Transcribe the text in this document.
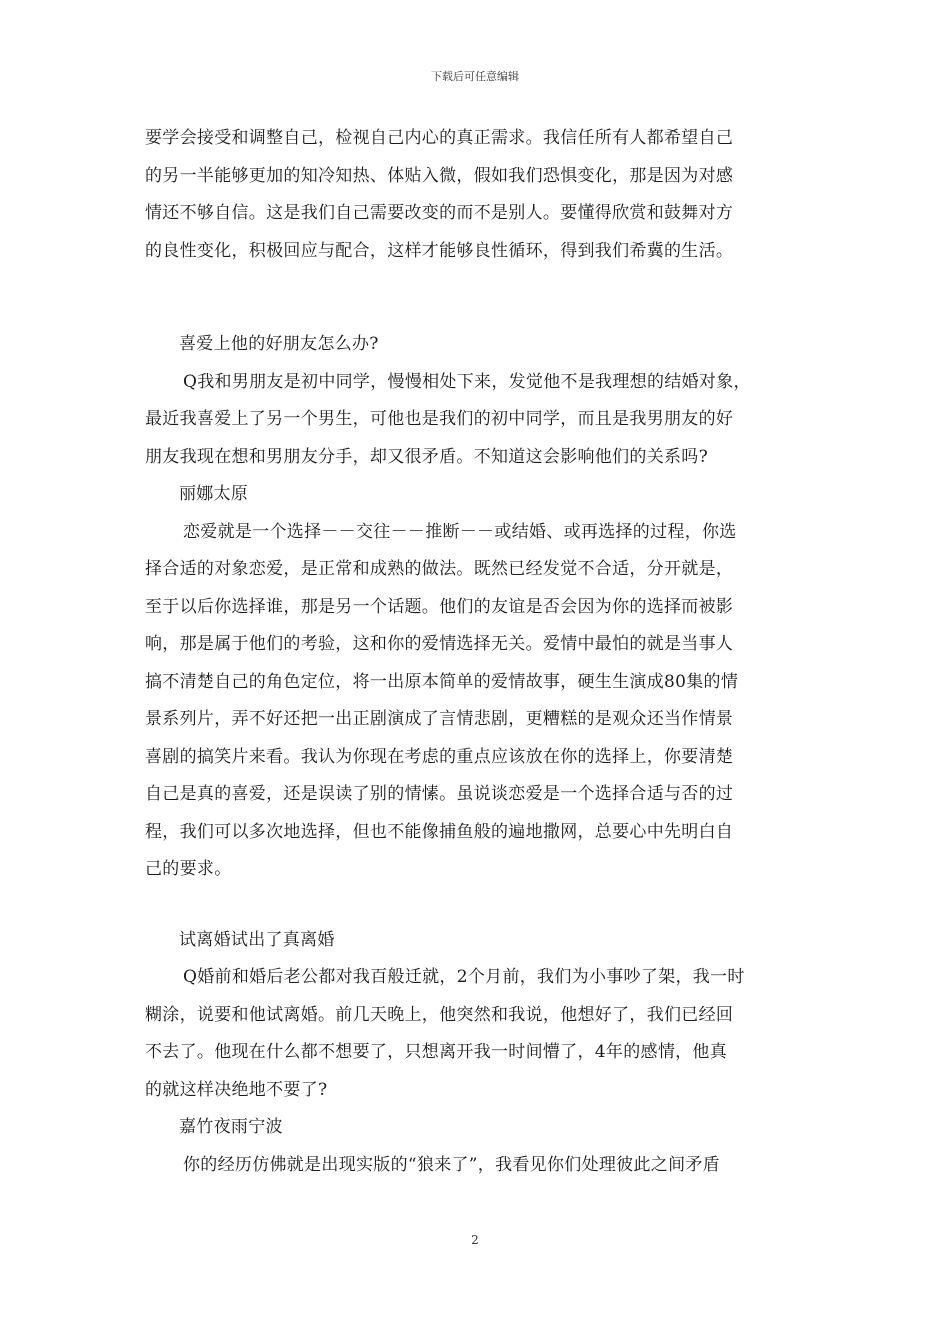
下载后可任意编辑
要学会接受和调整自己，检视自己内心的真正需求。我信任所有人都希望自己
的另一半能够更加的知冷知热、体贴入微，假如我们恐惧变化，那是因为对感
情还不够自信。这是我们自己需要改变的而不是别人。要懂得欣赏和鼓舞对方
的良性变化，积极回应与配合，这样才能够良性循环，得到我们希冀的生活。
喜爱上他的好朋友怎么办?
Q我和男朋友是初中同学，慢慢相处下来，发觉他不是我理想的结婚对象，
最近我喜爱上了另一个男生，可他也是我们的初中同学，而且是我男朋友的好
朋友我现在想和男朋友分手，却又很矛盾。不知道这会影响他们的关系吗?
丽娜太原
恋爱就是一个选择－－交往－－推断－－或结婚、或再选择的过程，你选
择合适的对象恋爱，是正常和成熟的做法。既然已经发觉不合适，分开就是，
至于以后你选择谁，那是另一个话题。他们的友谊是否会因为你的选择而被影
响，那是属于他们的考验，这和你的爱情选择无关。爱情中最怕的就是当事人
搞不清楚自己的角色定位，将一出原本简单的爱情故事，硬生生演成80集的情
景系列片，弄不好还把一出正剧演成了言情悲剧，更糟糕的是观众还当作情景
喜剧的搞笑片来看。我认为你现在考虑的重点应该放在你的选择上，你要清楚
自己是真的喜爱，还是误读了别的情愫。虽说谈恋爱是一个选择合适与否的过
程，我们可以多次地选择，但也不能像捕鱼般的遍地撒网，总要心中先明白自
己的要求。
试离婚试出了真离婚
Q婚前和婚后老公都对我百般迁就，2个月前，我们为小事吵了架，我一时
糊涂，说要和他试离婚。前几天晚上，他突然和我说，他想好了，我们已经回
不去了。他现在什么都不想要了，只想离开我一时间懵了，4年的感情，他真
的就这样决绝地不要了?
嘉竹夜雨宁波
你的经历仿佛就是出现实版的“狼来了”，我看见你们处理彼此之间矛盾
2
